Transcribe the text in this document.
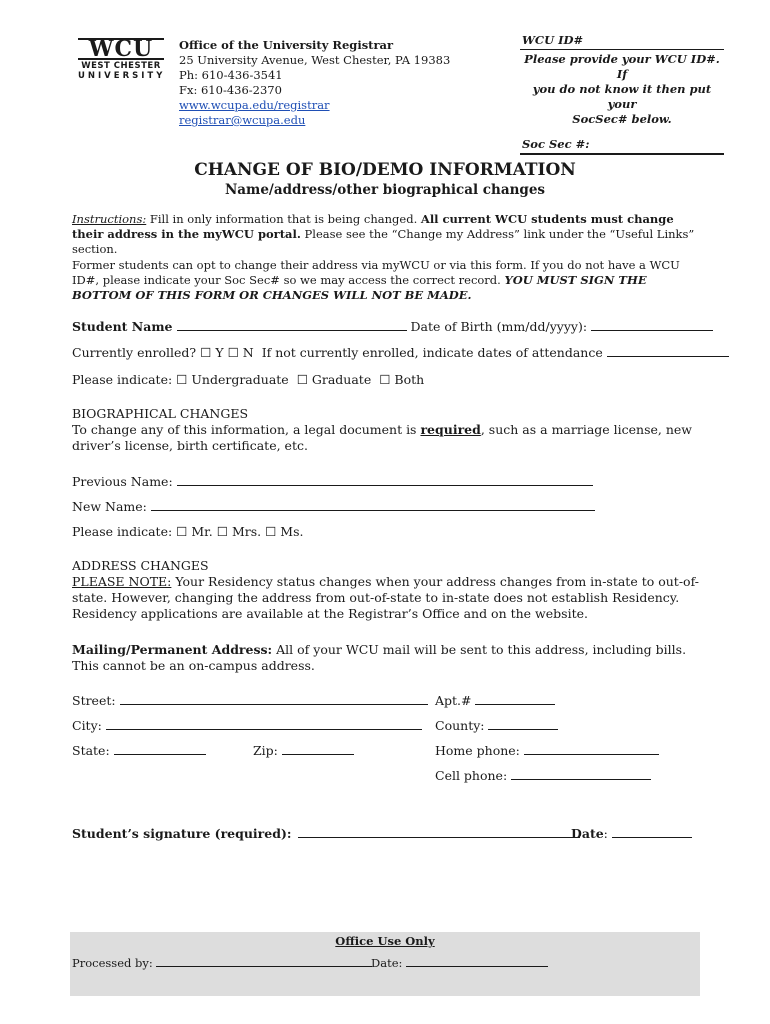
WCU
WEST CHESTER
UNIVERSITY
Office of the University Registrar
25 University Avenue, West Chester, PA 19383
Ph: 610-436-3541
Fx: 610-436-2370
www.wcupa.edu/registrar
registrar@wcupa.edu
WCU ID#
Please provide your WCU ID#. If
you do not know it then put your
SocSec# below.
Soc Sec #:
CHANGE OF BIO/DEMO INFORMATION
Name/address/other biographical changes
Instructions: Fill in only information that is being changed. All current WCU students must change their address in the myWCU portal. Please see the “Change my Address” link under the “Useful Links” section.
Former students can opt to change their address via myWCU or via this form. If you do not have a WCU ID#, please indicate your Soc Sec# so we may access the correct record. YOU MUST SIGN THE BOTTOM OF THIS FORM OR CHANGES WILL NOT BE MADE.
Student Name	Date of Birth (mm/dd/yyyy):
Currently enrolled? ☐ Y ☐ N If not currently enrolled, indicate dates of attendance
Please indicate: ☐ Undergraduate ☐ Graduate ☐ Both
BIOGRAPHICAL CHANGES
To change any of this information, a legal document is required, such as a marriage license, new driver’s license, birth certificate, etc.
Previous Name:
New Name:
Please indicate: ☐ Mr. ☐ Mrs. ☐ Ms.
ADDRESS CHANGES
PLEASE NOTE: Your Residency status changes when your address changes from in-state to out-of-state. However, changing the address from out-of-state to in-state does not establish Residency. Residency applications are available at the Registrar’s Office and on the website.
Mailing/Permanent Address: All of your WCU mail will be sent to this address, including bills. This cannot be an on-campus address.
Street:	Apt.#
City:	County:
State:	Zip:	Home phone:
Cell phone:
Student’s signature (required):	Date:
Office Use Only
Processed by:	Date:
